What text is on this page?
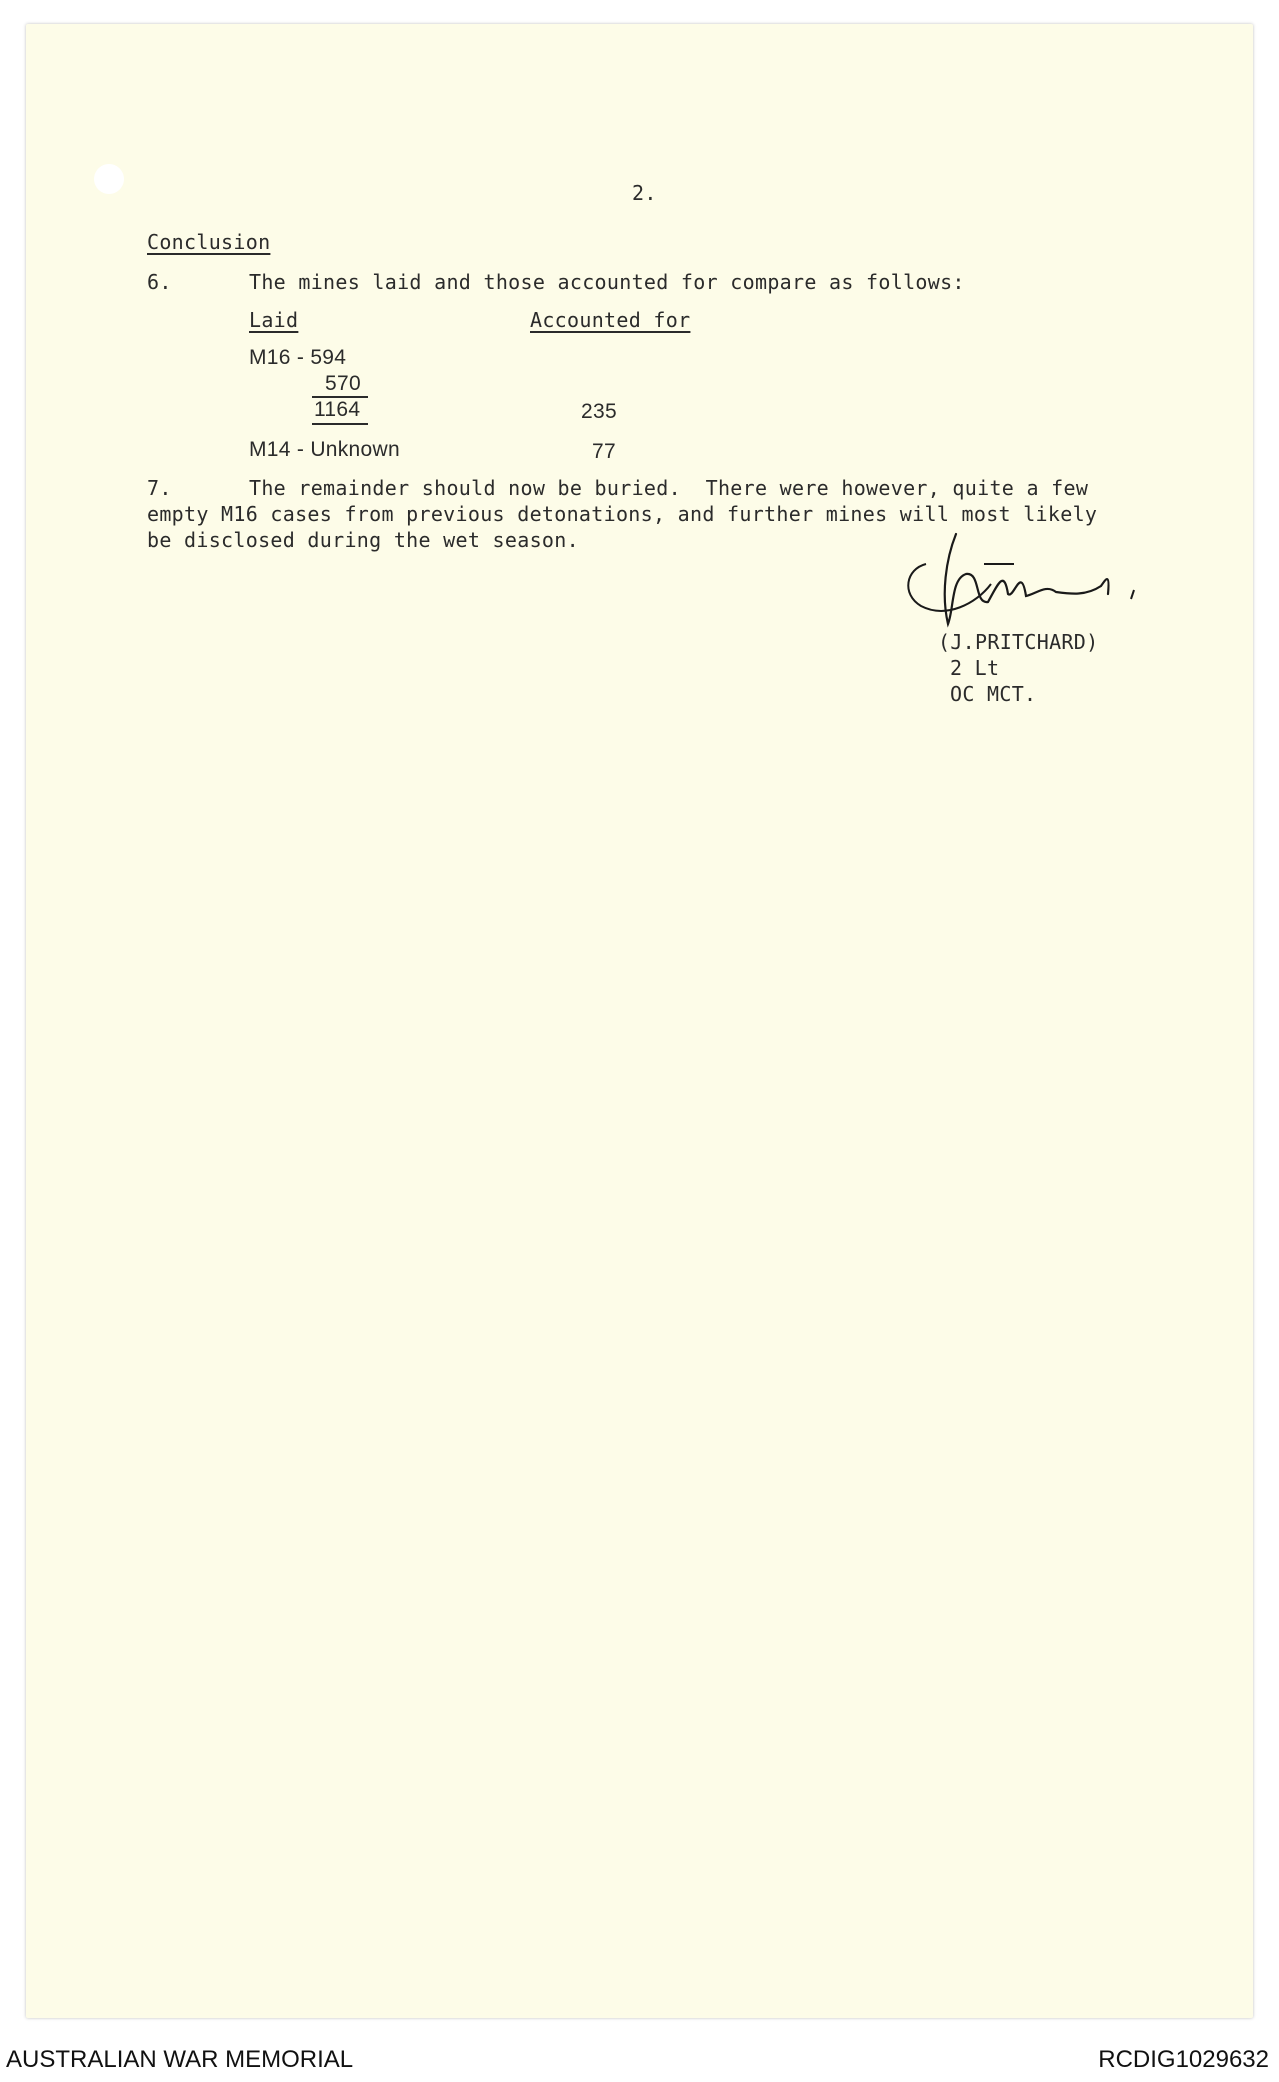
2.

Conclusion

6.	The mines laid and those accounted for compare as follows:

Laid	Accounted for

M16 - 594

570

1164	235

M14 - Unknown	77

7.	The remainder should now be buried.  There were however, quite a few

empty M16 cases from previous detonations, and further mines will most likely

be disclosed during the wet season.

(J.PRITCHARD)

2 Lt

OC MCT.

AUSTRALIAN WAR MEMORIAL	RCDIG1029632
